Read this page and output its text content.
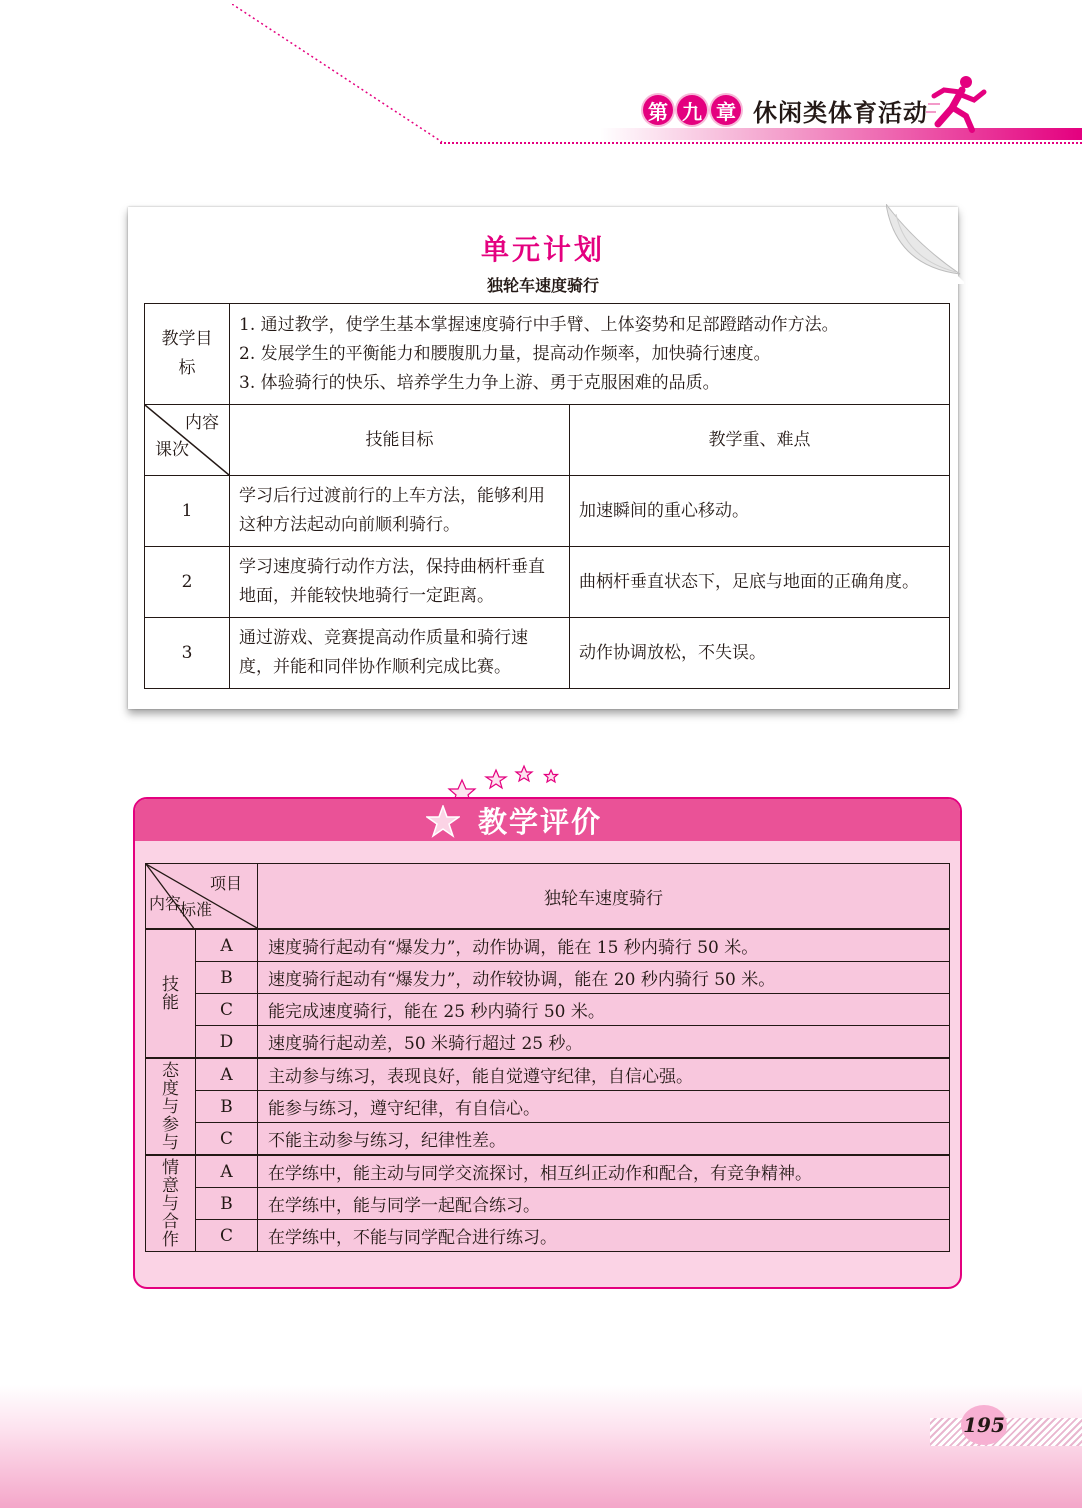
第 九 章 休闲类体育活动
单元计划
独轮车速度骑行
教学目标	1. 通过教学，使学生基本掌握速度骑行中手臂、上体姿势和足部蹬踏动作方法。
2. 发展学生的平衡能力和腰腹肌力量，提高动作频率，加快骑行速度。
3. 体验骑行的快乐、培养学生力争上游、勇于克服困难的品质。	

内容
课次	技能目标	教学重、难点
1	学习后行过渡前行的上车方法，能够利用这种方法起动向前顺利骑行。	加速瞬间的重心移动。
2	学习速度骑行动作方法，保持曲柄杆垂直地面，并能较快地骑行一定距离。	曲柄杆垂直状态下，足底与地面的正确角度。
3	通过游戏、竞赛提高动作质量和骑行速度，并能和同伴协作顺利完成比赛。	动作协调放松，不失误。
教学评价
项目
标准
内容		独轮车速度骑行

技能	A	速度骑行起动有“爆发力”，动作协调，能在 15 秒内骑行 50 米。
	B	速度骑行起动有“爆发力”，动作较协调，能在 20 秒内骑行 50 米。
	C	能完成速度骑行，能在 25 秒内骑行 50 米。
	D	速度骑行起动差，50 米骑行超过 25 秒。

态度与参与	A	主动参与练习，表现良好，能自觉遵守纪律，自信心强。
	B	能参与练习，遵守纪律，有自信心。
	C	不能主动参与练习，纪律性差。

情意与合作	A	在学练中，能主动与同学交流探讨，相互纠正动作和配合，有竞争精神。
	B	在学练中，能与同学一起配合练习。
	C	在学练中，不能与同学配合进行练习。
195
